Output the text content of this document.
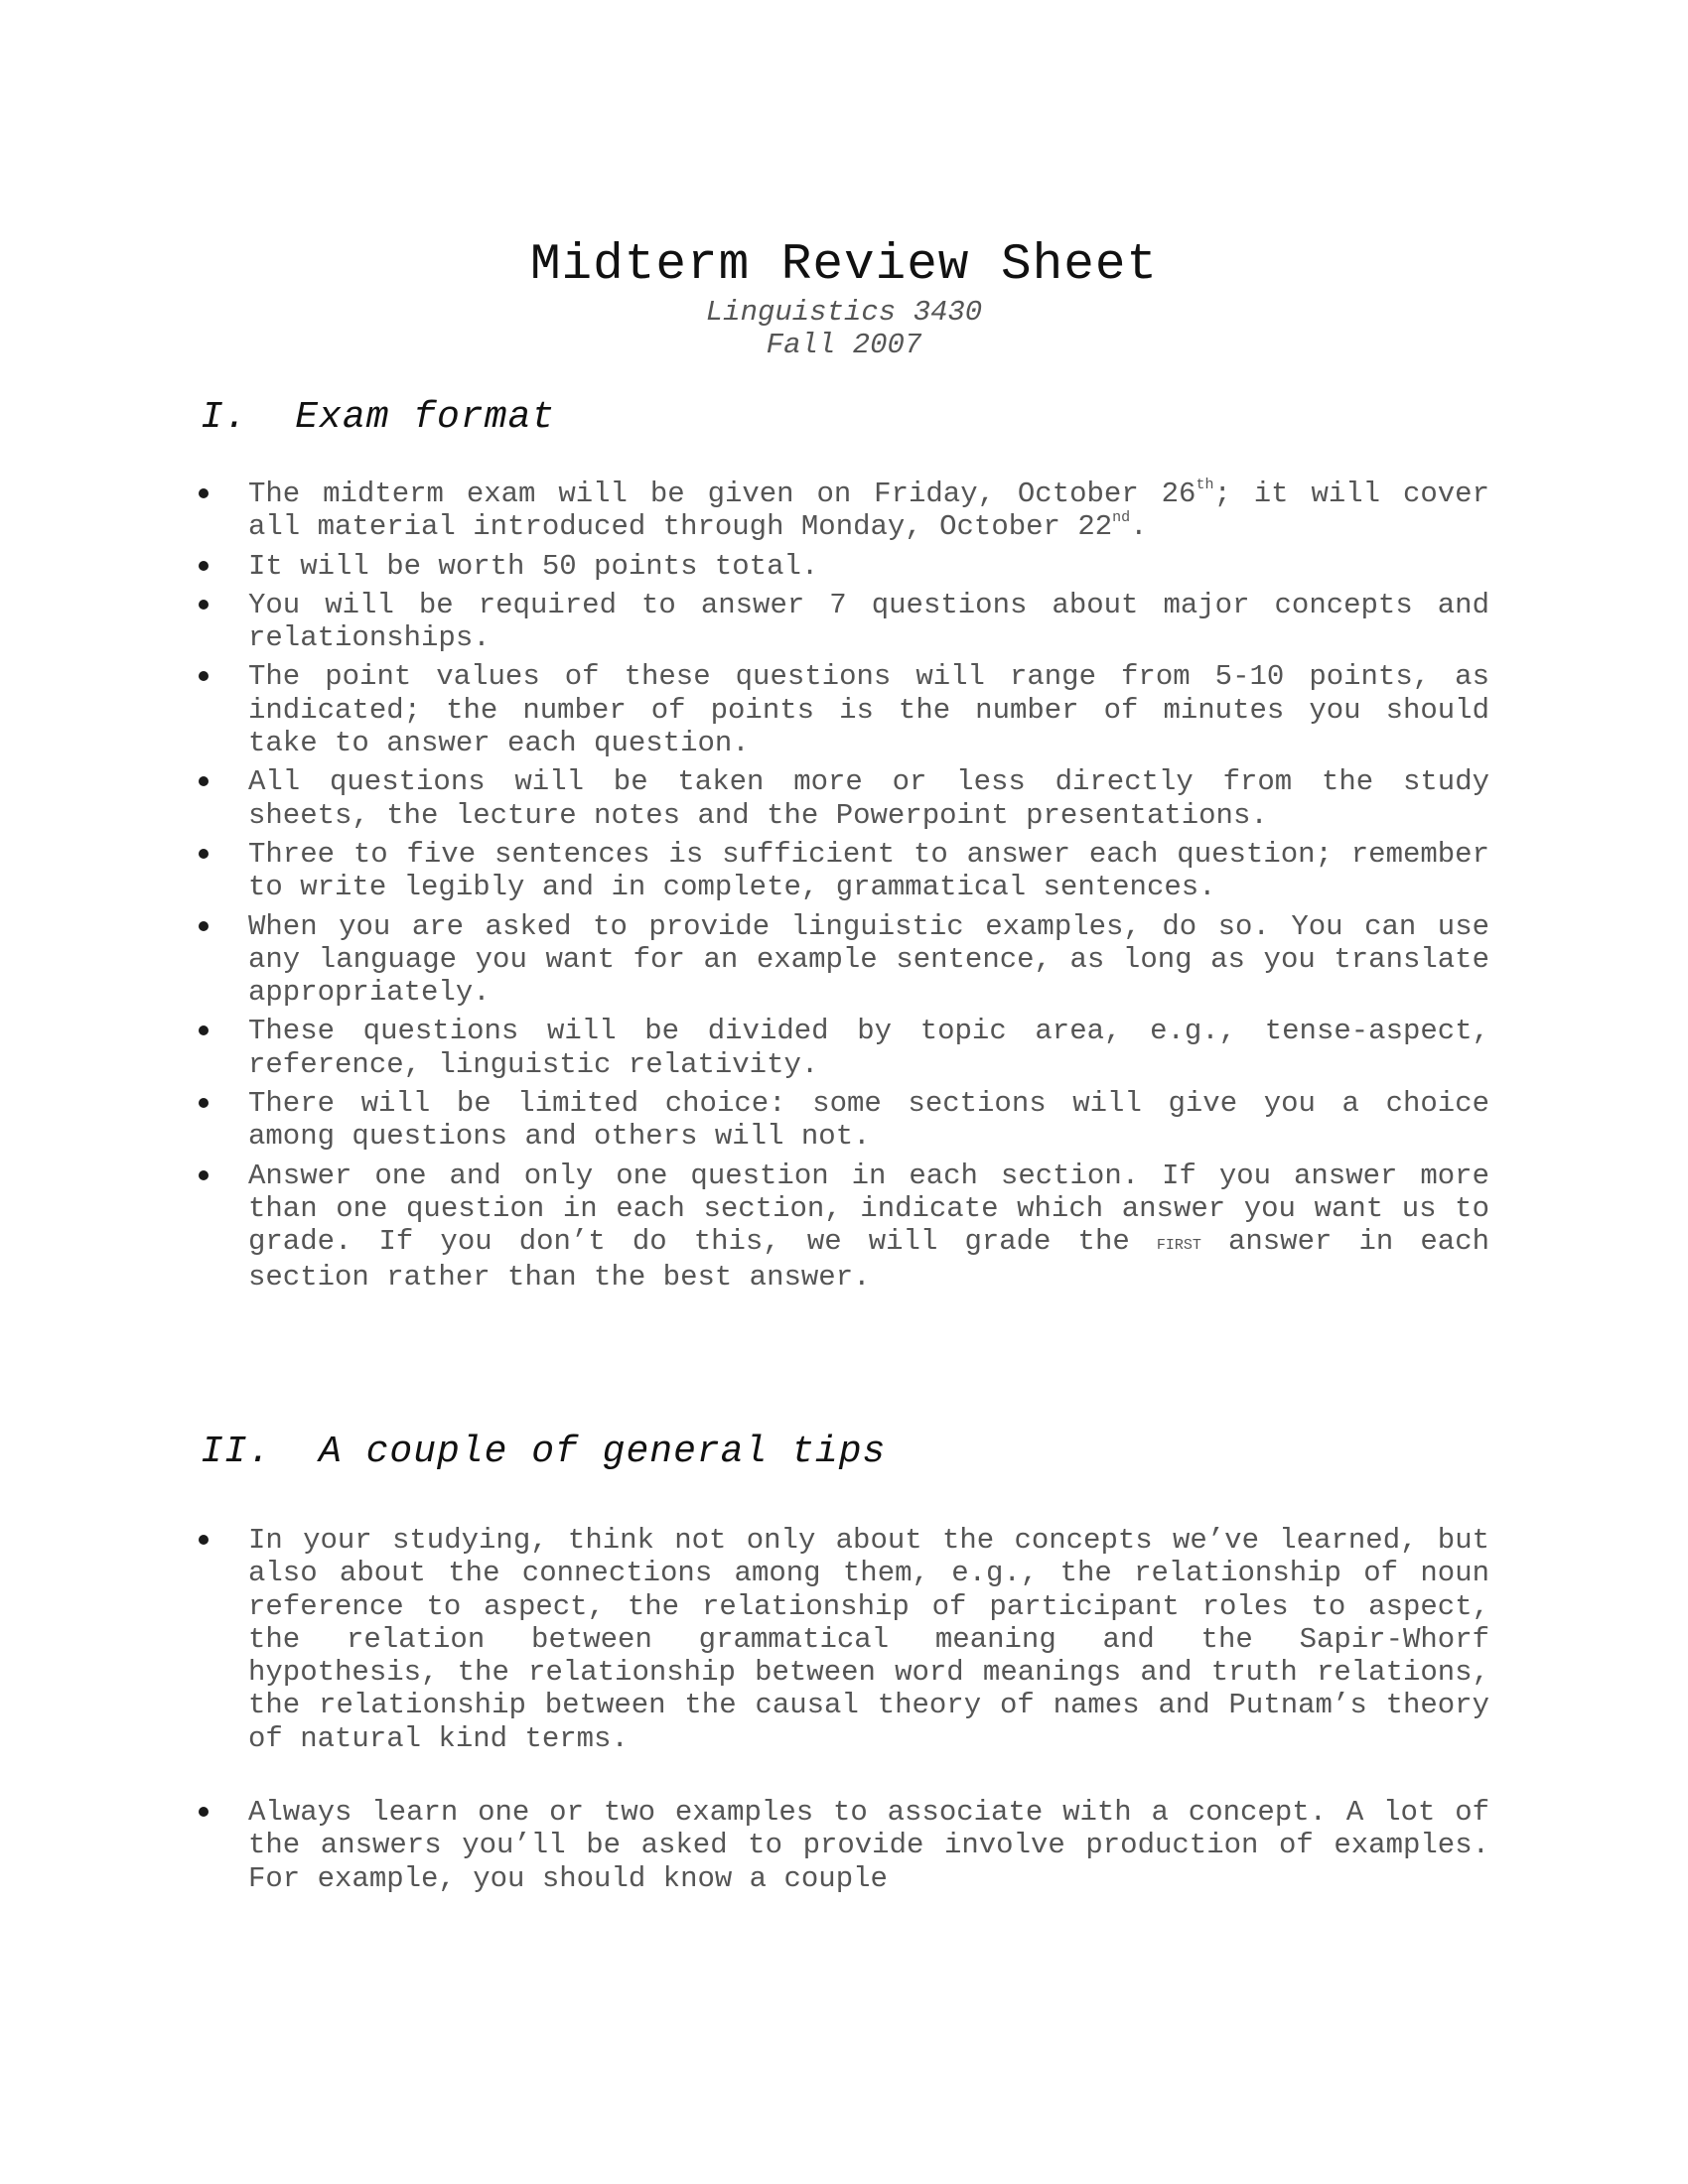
Midterm Review Sheet

Linguistics 3430

Fall 2007

I.  Exam format
The midterm exam will be given on Friday, October 26th; it will cover all material introduced through Monday, October 22nd.
It will be worth 50 points total.
You will be required to answer 7 questions about major concepts and relationships.
The point values of these questions will range from 5-10 points, as indicated; the number of points is the number of minutes you should take to answer each question.
All questions will be taken more or less directly from the study sheets, the lecture notes and the Powerpoint presentations.
Three to five sentences is sufficient to answer each question; remember to write legibly and in complete, grammatical sentences.
When you are asked to provide linguistic examples, do so. You can use any language you want for an example sentence, as long as you translate appropriately.
These questions will be divided by topic area, e.g., tense-aspect, reference, linguistic relativity.
There will be limited choice: some sections will give you a choice among questions and others will not.
Answer one and only one question in each section. If you answer more than one question in each section, indicate which answer you want us to grade. If you don’t do this, we will grade the first answer in each section rather than the best answer.
II.  A couple of general tips
In your studying, think not only about the concepts we’ve learned, but also about the connections among them, e.g., the relationship of noun reference to aspect, the relationship of participant roles to aspect, the relation between grammatical meaning and the Sapir-Whorf hypothesis, the relationship between word meanings and truth relations, the relationship between the causal theory of names and Putnam’s theory of natural kind terms.
Always learn one or two examples to associate with a concept. A lot of the answers you’ll be asked to provide involve production of examples. For example, you should know a couple
